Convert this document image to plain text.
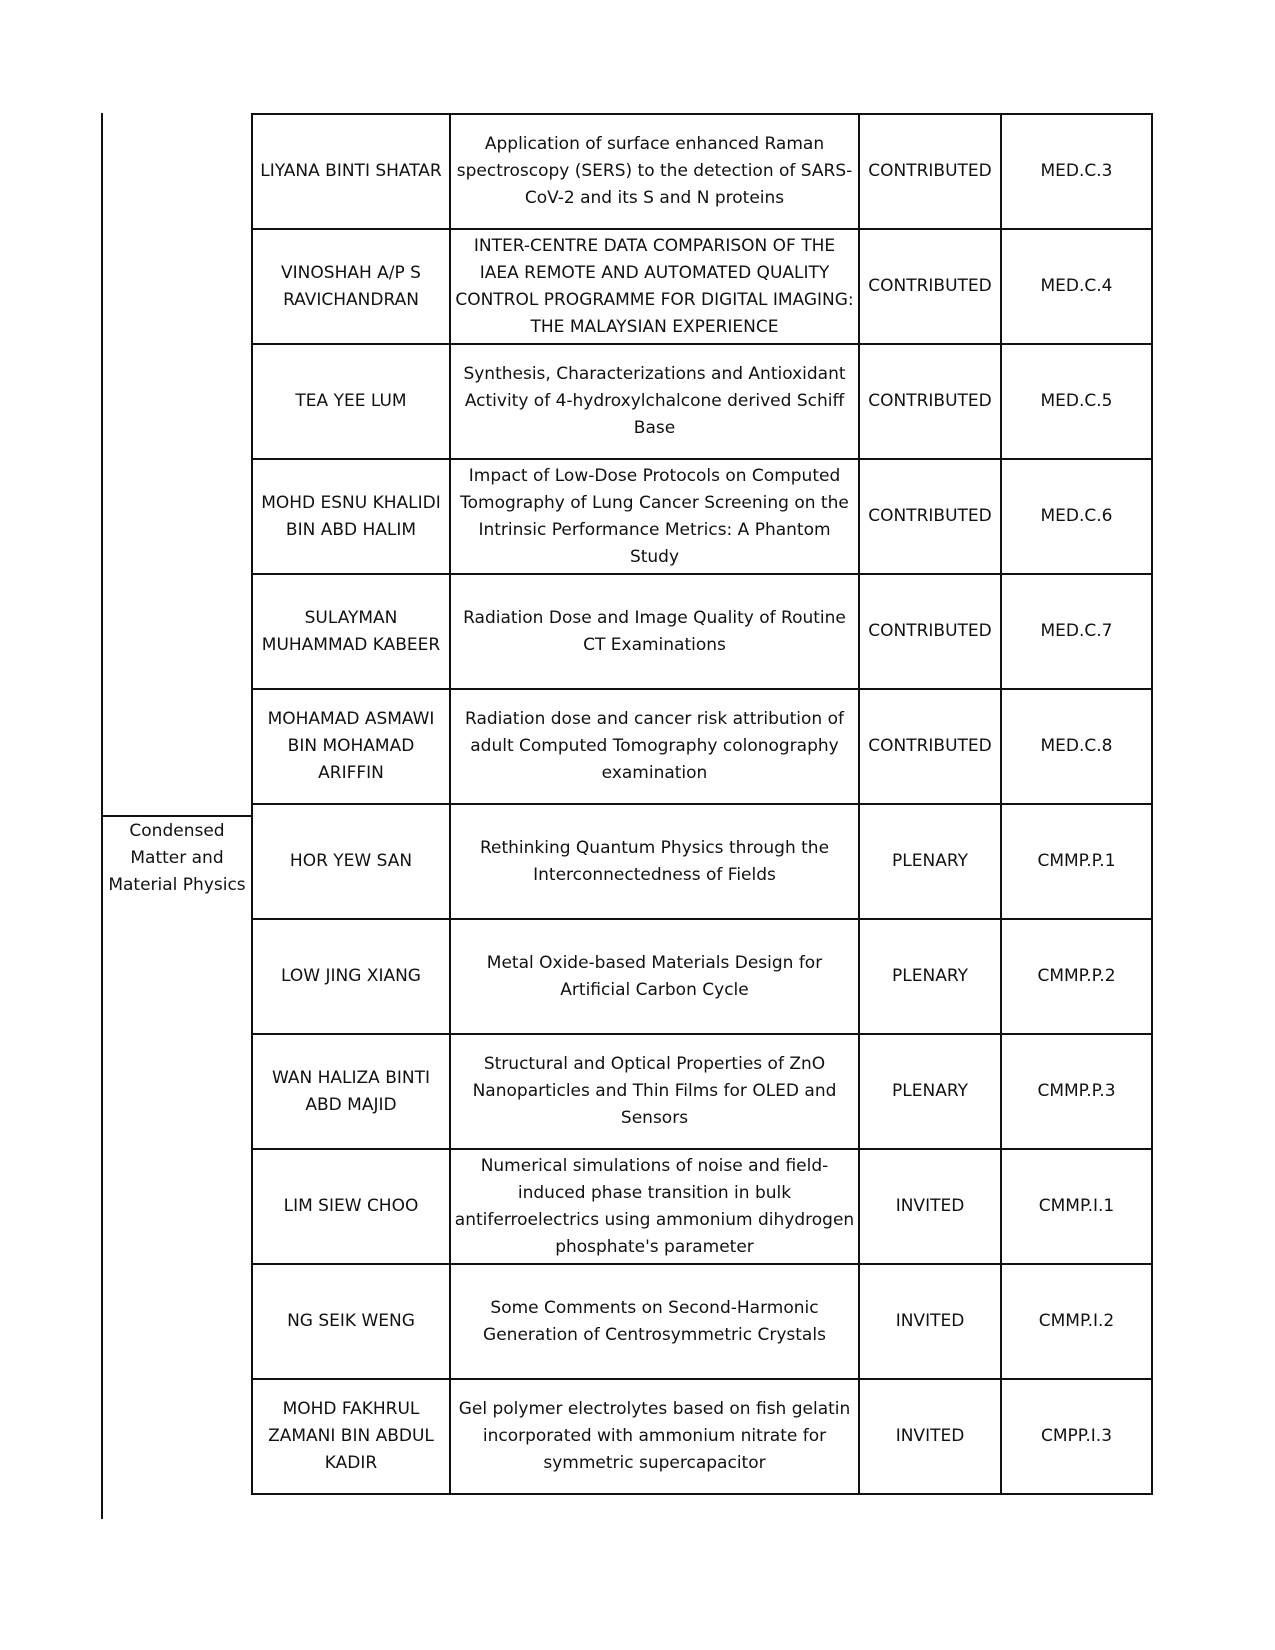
Condensed Matter and Material Physics
LIYANA BINTI SHATAR	Application of surface enhanced Raman spectroscopy (SERS) to the detection of SARS-CoV-2 and its S and N proteins	CONTRIBUTED	MED.C.3
VINOSHAH A/P S RAVICHANDRAN	INTER-CENTRE DATA COMPARISON OF THE IAEA REMOTE AND AUTOMATED QUALITY CONTROL PROGRAMME FOR DIGITAL IMAGING: THE MALAYSIAN EXPERIENCE	CONTRIBUTED	MED.C.4
TEA YEE LUM	Synthesis, Characterizations and Antioxidant Activity of 4-hydroxylchalcone derived Schiff Base	CONTRIBUTED	MED.C.5
MOHD ESNU KHALIDI BIN ABD HALIM	Impact of Low-Dose Protocols on Computed Tomography of Lung Cancer Screening on the Intrinsic Performance Metrics: A Phantom Study	CONTRIBUTED	MED.C.6
SULAYMAN MUHAMMAD KABEER	Radiation Dose and Image Quality of Routine CT Examinations	CONTRIBUTED	MED.C.7
MOHAMAD ASMAWI BIN MOHAMAD ARIFFIN	Radiation dose and cancer risk attribution of adult Computed Tomography colonography examination	CONTRIBUTED	MED.C.8
HOR YEW SAN	Rethinking Quantum Physics through the Interconnectedness of Fields	PLENARY	CMMP.P.1
LOW JING XIANG	Metal Oxide-based Materials Design for Artificial Carbon Cycle	PLENARY	CMMP.P.2
WAN HALIZA BINTI ABD MAJID	Structural and Optical Properties of ZnO Nanoparticles and Thin Films for OLED and Sensors	PLENARY	CMMP.P.3
LIM SIEW CHOO	Numerical simulations of noise and field-induced phase transition in bulk antiferroelectrics using ammonium dihydrogen phosphate's parameter	INVITED	CMMP.I.1
NG SEIK WENG	Some Comments on Second-Harmonic Generation of Centrosymmetric Crystals	INVITED	CMMP.I.2
MOHD FAKHRUL ZAMANI BIN ABDUL KADIR	Gel polymer electrolytes based on fish gelatin incorporated with ammonium nitrate for symmetric supercapacitor	INVITED	CMPP.I.3
